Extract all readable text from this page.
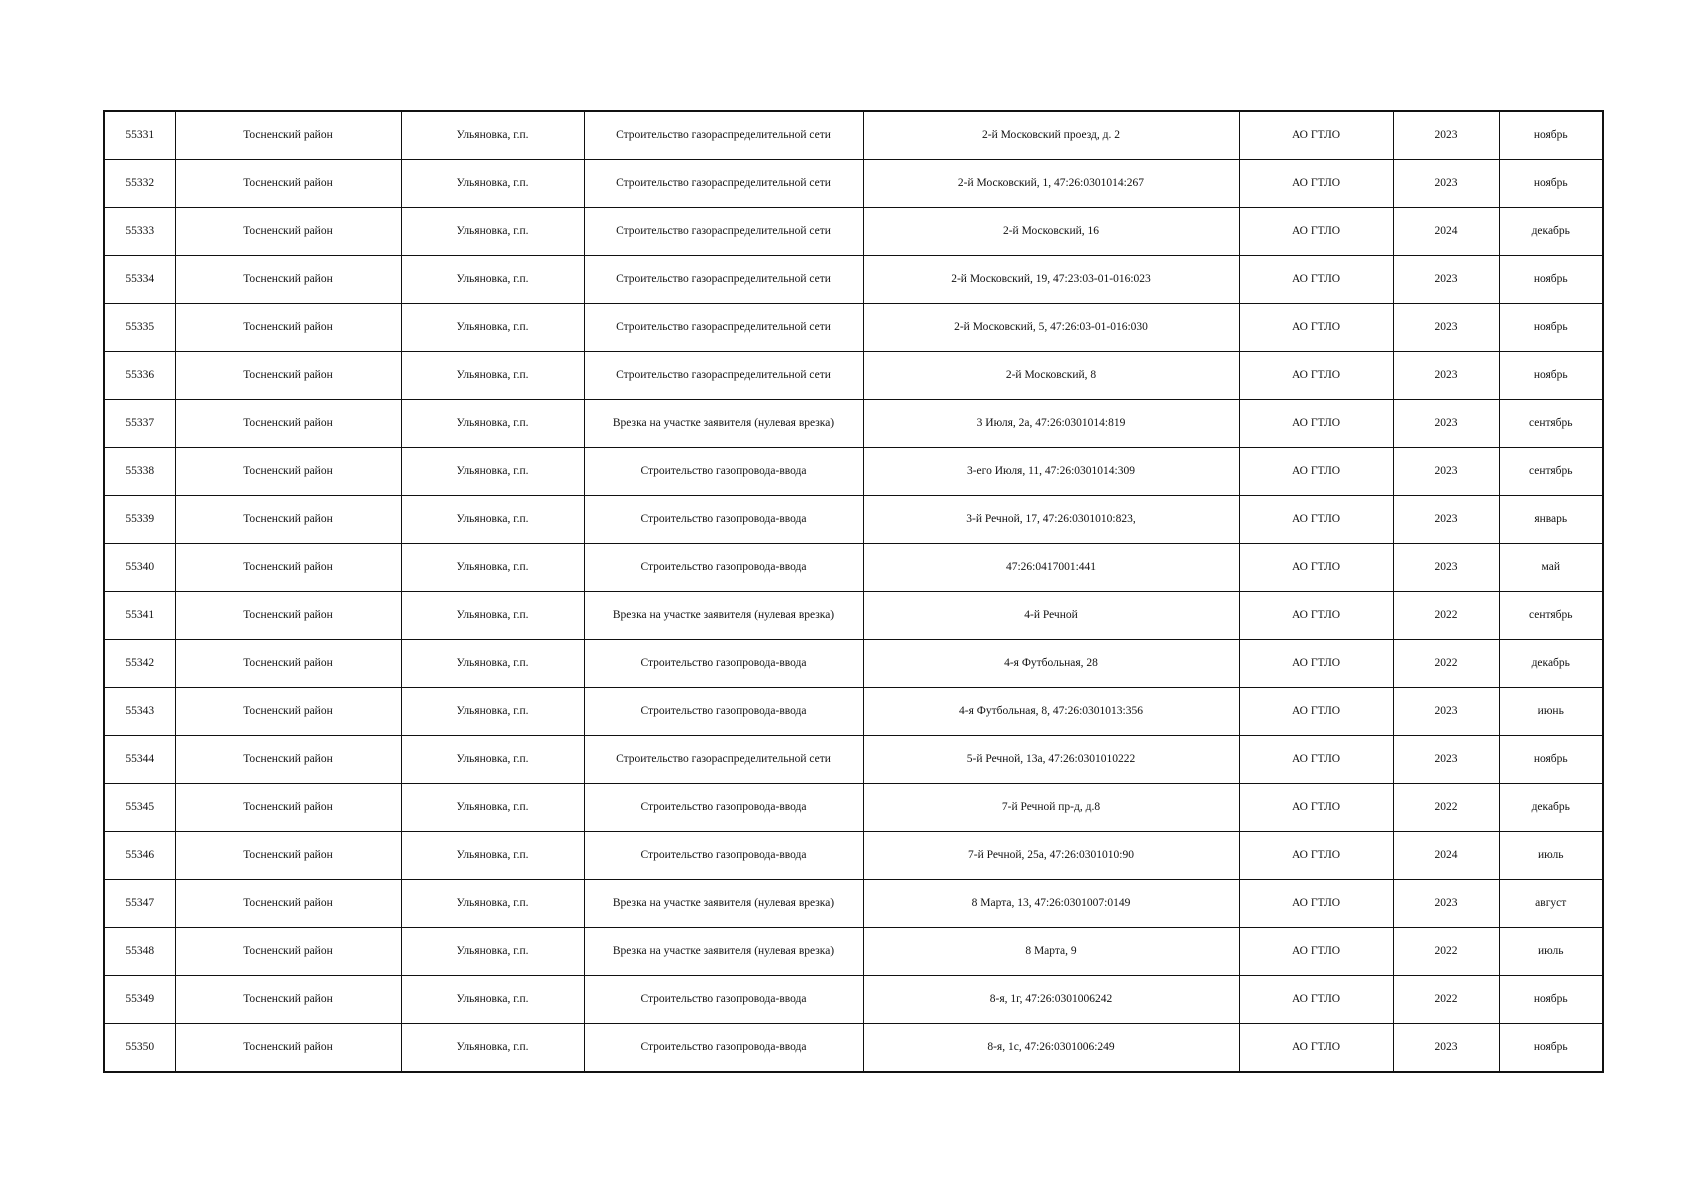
55331	Тосненский район	Ульяновка, г.п.	Строительство газораспределительной сети	2-й Московский проезд, д. 2	АО ГТЛО	2023	ноябрь
55332	Тосненский район	Ульяновка, г.п.	Строительство газораспределительной сети	2-й Московский, 1, 47:26:0301014:267	АО ГТЛО	2023	ноябрь
55333	Тосненский район	Ульяновка, г.п.	Строительство газораспределительной сети	2-й Московский, 16	АО ГТЛО	2024	декабрь
55334	Тосненский район	Ульяновка, г.п.	Строительство газораспределительной сети	2-й Московский, 19, 47:23:03-01-016:023	АО ГТЛО	2023	ноябрь
55335	Тосненский район	Ульяновка, г.п.	Строительство газораспределительной сети	2-й Московский, 5, 47:26:03-01-016:030	АО ГТЛО	2023	ноябрь
55336	Тосненский район	Ульяновка, г.п.	Строительство газораспределительной сети	2-й Московский, 8	АО ГТЛО	2023	ноябрь
55337	Тосненский район	Ульяновка, г.п.	Врезка на участке заявителя (нулевая врезка)	3 Июля, 2а, 47:26:0301014:819	АО ГТЛО	2023	сентябрь
55338	Тосненский район	Ульяновка, г.п.	Строительство газопровода-ввода	3-его Июля, 11, 47:26:0301014:309	АО ГТЛО	2023	сентябрь
55339	Тосненский район	Ульяновка, г.п.	Строительство газопровода-ввода	3-й Речной, 17, 47:26:0301010:823,	АО ГТЛО	2023	январь
55340	Тосненский район	Ульяновка, г.п.	Строительство газопровода-ввода	47:26:0417001:441	АО ГТЛО	2023	май
55341	Тосненский район	Ульяновка, г.п.	Врезка на участке заявителя (нулевая врезка)	4-й Речной	АО ГТЛО	2022	сентябрь
55342	Тосненский район	Ульяновка, г.п.	Строительство газопровода-ввода	4-я Футбольная, 28	АО ГТЛО	2022	декабрь
55343	Тосненский район	Ульяновка, г.п.	Строительство газопровода-ввода	4-я Футбольная, 8, 47:26:0301013:356	АО ГТЛО	2023	июнь
55344	Тосненский район	Ульяновка, г.п.	Строительство газораспределительной сети	5-й Речной, 13а, 47:26:0301010222	АО ГТЛО	2023	ноябрь
55345	Тосненский район	Ульяновка, г.п.	Строительство газопровода-ввода	7-й Речной пр-д, д.8	АО ГТЛО	2022	декабрь
55346	Тосненский район	Ульяновка, г.п.	Строительство газопровода-ввода	7-й Речной, 25а, 47:26:0301010:90	АО ГТЛО	2024	июль
55347	Тосненский район	Ульяновка, г.п.	Врезка на участке заявителя (нулевая врезка)	8 Марта, 13, 47:26:0301007:0149	АО ГТЛО	2023	август
55348	Тосненский район	Ульяновка, г.п.	Врезка на участке заявителя (нулевая врезка)	8 Марта, 9	АО ГТЛО	2022	июль
55349	Тосненский район	Ульяновка, г.п.	Строительство газопровода-ввода	8-я, 1г, 47:26:0301006242	АО ГТЛО	2022	ноябрь
55350	Тосненский район	Ульяновка, г.п.	Строительство газопровода-ввода	8-я, 1с, 47:26:0301006:249	АО ГТЛО	2023	ноябрь
